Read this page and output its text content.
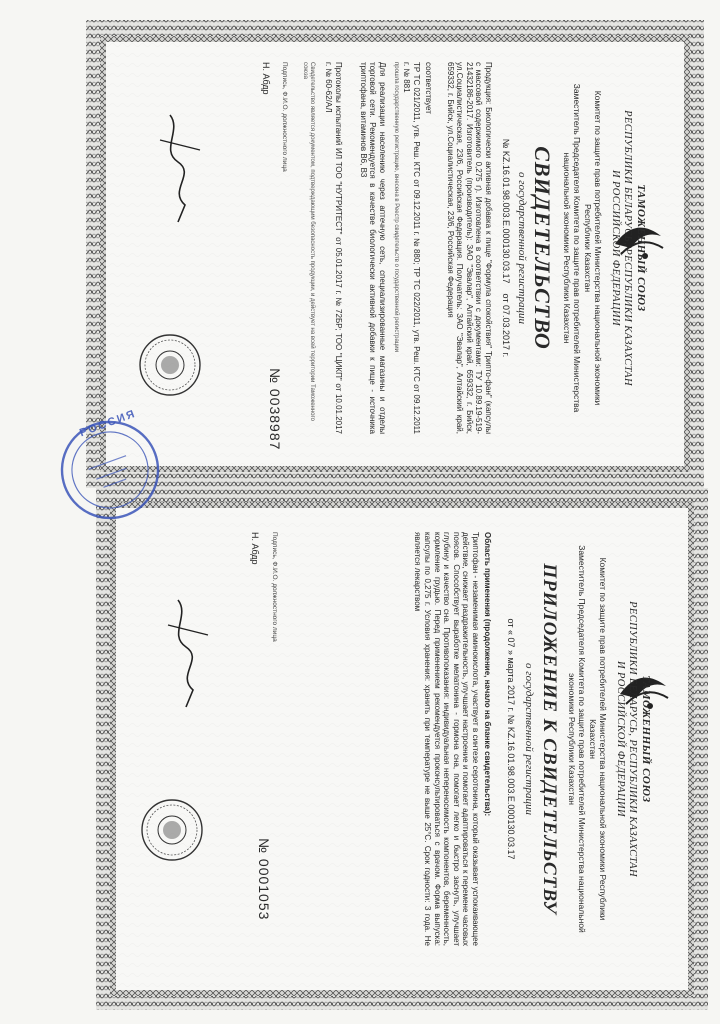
ТАМОЖЕННЫЙ СОЮЗ
РЕСПУБЛИКИ БЕЛАРУСЬ, РЕСПУБЛИКИ КАЗАХСТАН
И РОССИЙСКОЙ ФЕДЕРАЦИИ
Комитет по защите прав потребителей Министерства национальной экономики Республики Казахстан
Заместитель Председателя Комитета по защите прав потребителей Министерства национальной экономики Республики Казахстан
СВИДЕТЕЛЬСТВО
о государственной регистрации
№ KZ.16.01.98.003.E.000130.03.17    от 07.03.2017 г.
Продукция: Биологически активная добавка к пище "Формула спокойствия" Трипто-фан" (капсулы с массовой содержимого 0,275 г). Изготовлена в соответствии с документами: ТУ 10.89.19-519-21432186-2017. Изготовитель (производитель): ЗАО "Эвалар", Алтайский край, 659332, г. Бийск, ул.Социалистическая, 23/6, Российская Федерация. Получатель: ЗАО "Эвалар", Алтайский край, 659332, г. Бийск, ул.Социалистическая, 23/6, Российская Федерация
соответствует
ТР ТС 021/2011, утв. Реш. КТС от 09.12.2011 г. № 880; ТР ТС 022/2011, утв. Реш. КТС от 09.12.2011 г. № 881
прошла государственную регистрацию, внесена в Реестр свидетельств о государственной регистрации
Для реализации населению через аптечную сеть, специализированные магазины и отделы торговой сети. Рекомендуется в качестве биологически активной добавки к пище - источника триптофана, витаминов В6, В3
Протоколы испытаний ИЛ ТОО "НУТРИТЕСТ" от 05.01.2017 г. № 72БР; ТОО "ЦИКП" от 10.01.2017 г. № 60-62/АЛ
Свидетельство является документом, подтверждающим безопасность продукции, и действует на всей территории Таможенного союза
Подпись, Ф.И.О. должностного лица
Н. Абдр
№ 0038987
ТАМОЖЕННЫЙ СОЮЗ
РЕСПУБЛИКИ БЕЛАРУСЬ, РЕСПУБЛИКИ КАЗАХСТАН
И РОССИЙСКОЙ ФЕДЕРАЦИИ
Комитет по защите прав потребителей Министерства национальной экономики Республики Казахстан
Заместитель Председателя Комитета по защите прав потребителей Министерства национальной экономики Республики Казахстан
ПРИЛОЖЕНИЕ К СВИДЕТЕЛЬСТВУ
о государственной регистрации
от « 07 » марта 2017 г. № KZ.16.01.98.003.E.000130.03.17
Область применения (продолжение, начало на бланке свидетельства):
Триптофан - незаменимая аминокислота, участвует в синтезе серотонина, который оказывает успокаивающее действие, снижает раздражительность, улучшает настроение и помогает адаптироваться к перемене часовых поясов. Способствует выработке мелатонина - гормона сна, помогает легко и быстро заснуть, улучшает глубину и качество сна. Противопоказания: индивидуальная непереносимость компонентов, беременность, кормление грудью. Перед применением рекомендуется проконсультироваться с врачом. Форма выпуска: капсулы по 0,275 г. Условия хранения: хранить при температуре не выше 25°С. Срок годности: 3 года. Не является лекарством
Подпись, Ф.И.О. должностного лица
Н. Абдр
№ 0001053
РОССИЯ
